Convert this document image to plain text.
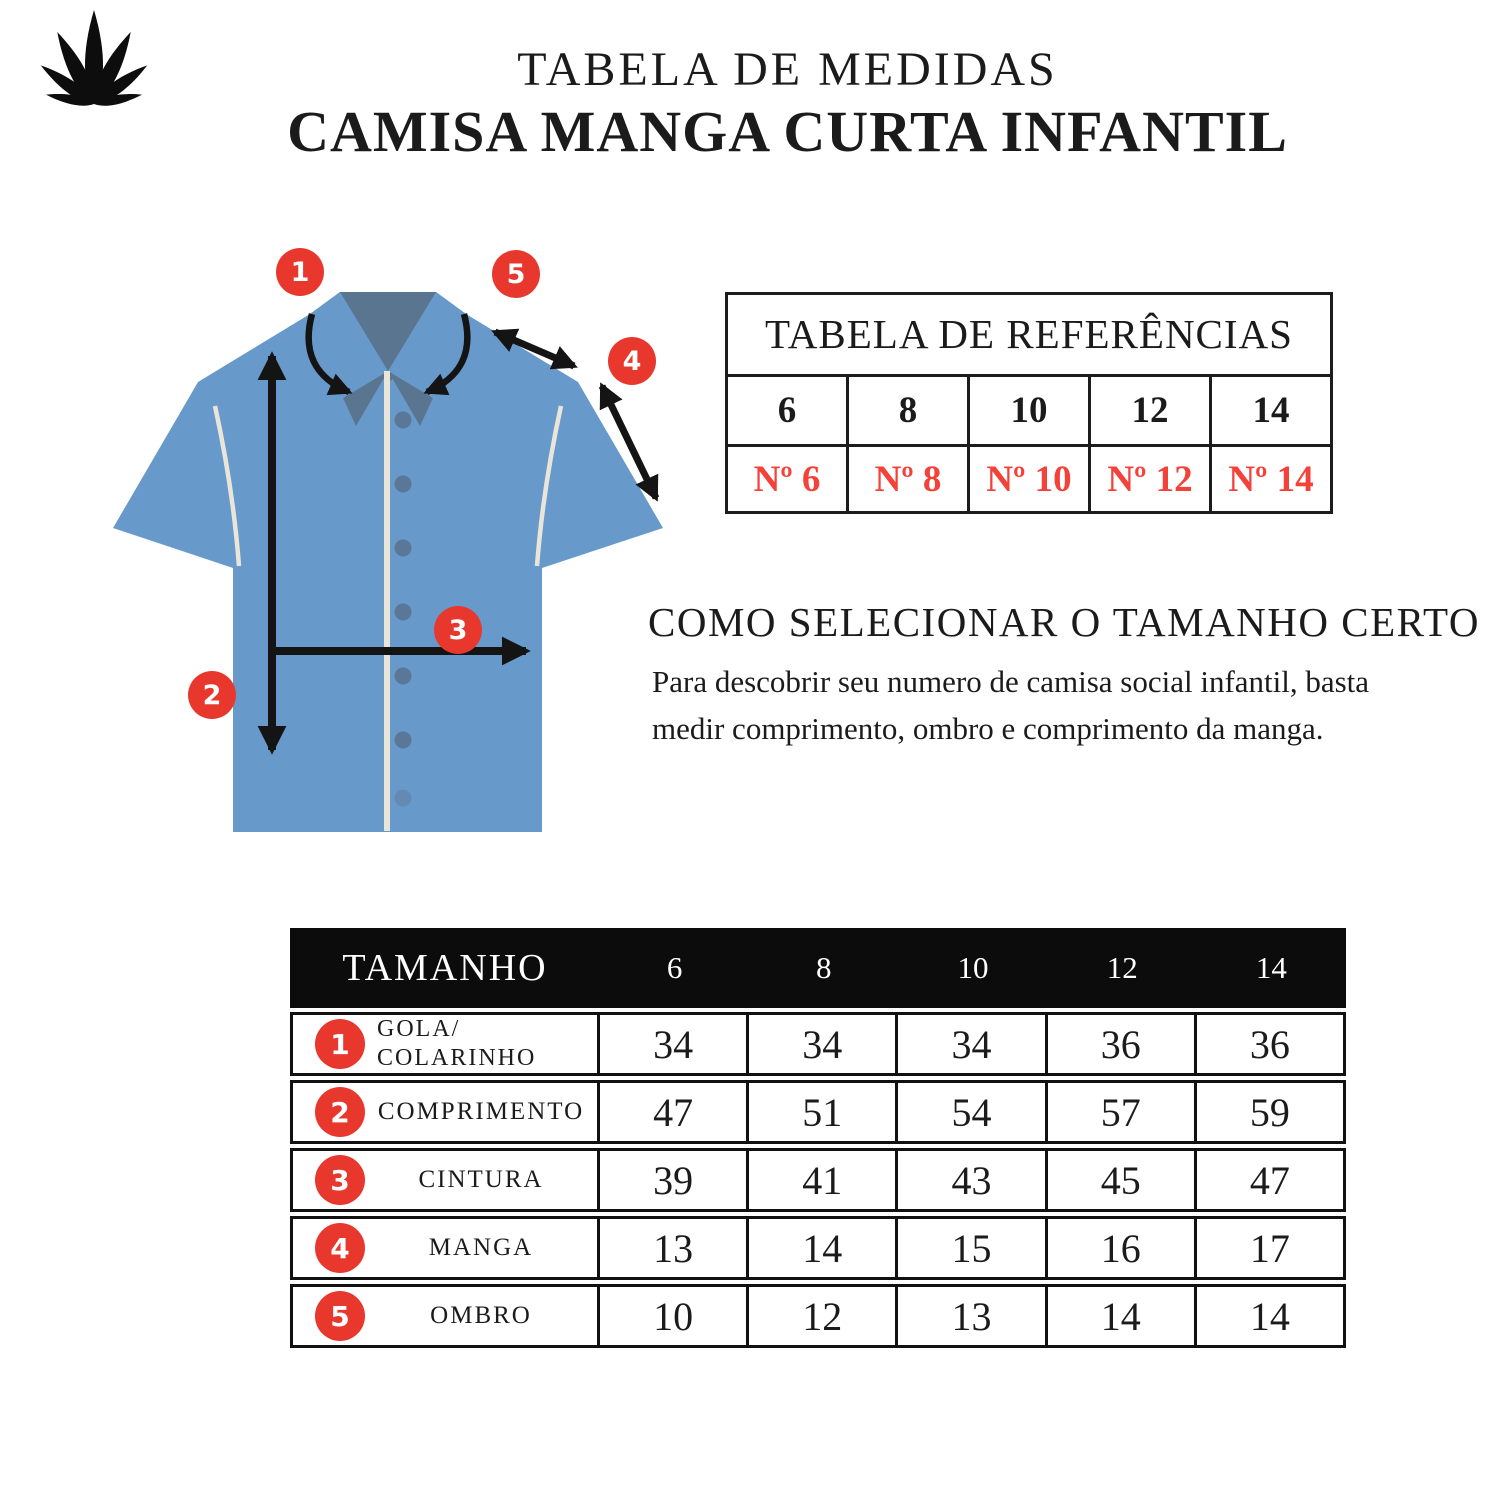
TABELA DE MEDIDAS
CAMISA MANGA CURTA INFANTIL
1
2
3
4
5
TABELA DE REFERÊNCIAS
6	8	10	12	14
Nº 6	Nº 8	Nº 10 Nº 12 Nº 14
COMO SELECIONAR O TAMANHO CERTO
Para descobrir seu numero de camisa social infantil, basta medir comprimento, ombro e comprimento da manga.
TAMANHO	6	8	10	12	14
1	GOLA/
COLARINHO	34	34	34	36	36
2	COMPRIMENTO	47	51	54	57	59
3	CINTURA	39	41	43	45	47
4	MANGA	13	14	15	16	17
5	OMBRO	10	12	13	14	14
